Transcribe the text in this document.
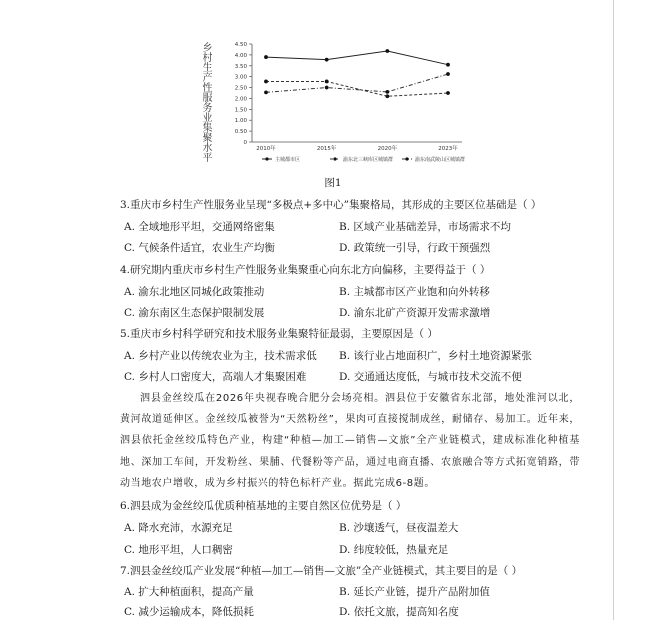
乡村生产性服务业集聚水平	0
0.50
1.00
1.50
2.00
2.50
3.00
3.50
4.00
4.50
2010年	2015年	2020年	2023年
主城都市区	渝东北三峡库区城镇群	渝东南武陵山区城镇群
图1
3.重庆市乡村生产性服务业呈现“多极点+多中心”集聚格局，其形成的主要区位基础是（ ）
A. 全域地形平坦，交通网络密集	B. 区域产业基础差异，市场需求不均
C. 气候条件适宜，农业生产均衡	D. 政策统一引导，行政干预强烈
4.研究期内重庆市乡村生产性服务业集聚重心向东北方向偏移，主要得益于（ ）
A. 渝东北地区同城化政策推动	B. 主城都市区产业饱和向外转移
C. 渝东南区生态保护限制发展	D. 渝东北矿产资源开发需求激增
5.重庆市乡村科学研究和技术服务业集聚特征最弱，主要原因是（ ）
A. 乡村产业以传统农业为主，技术需求低 B. 该行业占地面积广，乡村土地资源紧张
C. 乡村人口密度大，高端人才集聚困难	D. 交通通达度低，与城市技术交流不便

泗县金丝绞瓜在2026年央视春晚合肥分会场亮相。泗县位于安徽省东北部，地处淮河以北，黄河故道延伸区。金丝绞瓜被誉为“天然粉丝”，果肉可直接搅制成丝，耐储存、易加工。近年来，泗县依托金丝绞瓜特色产业，构建“种植—加工—销售—文旅”全产业链模式，建成标准化种植基地、深加工车间，开发粉丝、果脯、代餐粉等产品，通过电商直播、农旅融合等方式拓宽销路，带动当地农户增收，成为乡村振兴的特色标杆产业。据此完成6-8题。

6.泗县成为金丝绞瓜优质种植基地的主要自然区位优势是（ ）
A. 降水充沛，水源充足	B. 沙壤透气，昼夜温差大
C. 地形平坦，人口稠密	D. 纬度较低，热量充足
7.泗县金丝绞瓜产业发展“种植—加工—销售—文旅”全产业链模式，其主要目的是（ ）
A. 扩大种植面积，提高产量	B. 延长产业链，提升产品附加值
C. 减少运输成本，降低损耗	D. 依托文旅，提高知名度
